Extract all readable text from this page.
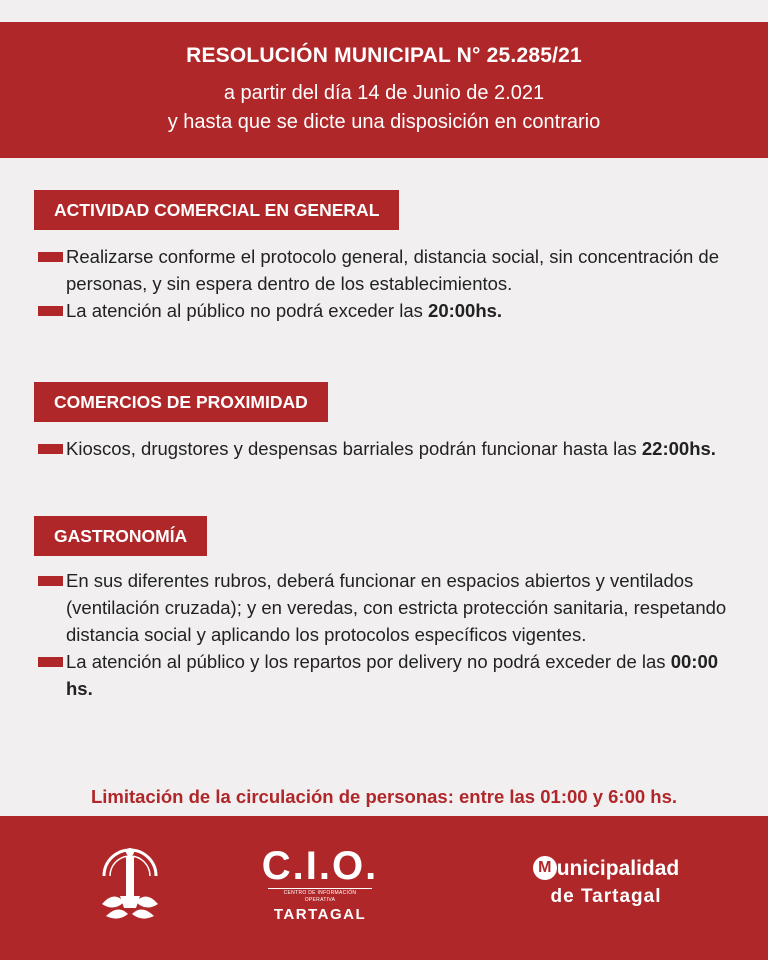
RESOLUCIÓN MUNICIPAL N° 25.285/21
a partir del día 14 de Junio de 2.021
y hasta que se dicte una disposición en contrario
ACTIVIDAD COMERCIAL EN GENERAL
Realizarse conforme el protocolo general, distancia social, sin concentración de personas, y sin espera dentro de los establecimientos.
La atención al público no podrá exceder las 20:00hs.
COMERCIOS DE PROXIMIDAD
Kioscos, drugstores y despensas barriales podrán funcionar hasta las 22:00hs.
GASTRONOMÍA
En sus diferentes rubros, deberá funcionar en espacios abiertos y ventilados (ventilación cruzada); y en veredas, con estricta protección sanitaria, respetando distancia social y aplicando los protocolos específicos vigentes.
La atención al público y los repartos por delivery no podrá exceder de las 00:00 hs.
Limitación de la circulación de personas: entre las 01:00 y 6:00 hs.
C.I.O.
CENTRO DE INFORMACIÓN OPERATIVA
TARTAGAL
M unicipalidad
de Tartagal
